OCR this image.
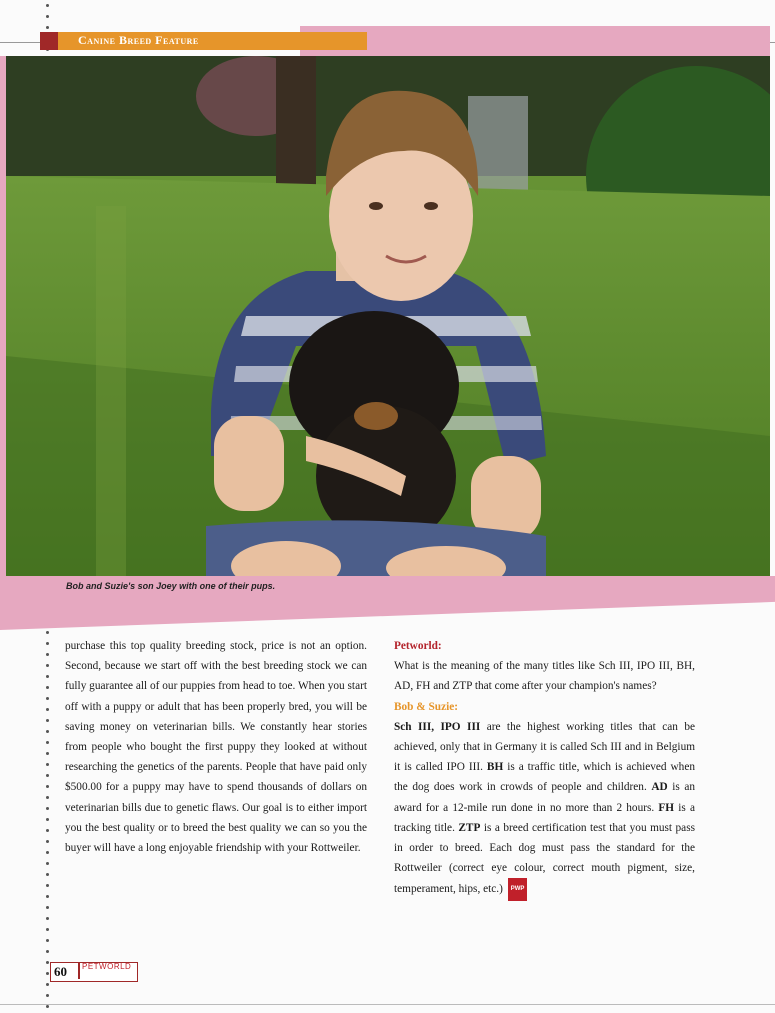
Canine Breed Feature
Bob and Suzie's son Joey with one of their pups.

purchase this top quality breeding stock, price is not an option. Second, because we start off with the best breeding stock we can fully guarantee all of our puppies from head to toe. When you start off with a puppy or adult that has been properly bred, you will be saving money on veterinarian bills. We constantly hear stories from people who bought the first puppy they looked at without researching the genetics of the parents. People that have paid only $500.00 for a puppy may have to spend thousands of dollars on veterinarian bills due to genetic flaws. Our goal is to either import you the best quality or to breed the best quality we can so you the buyer will have a long enjoyable friendship with your Rottweiler.

Petworld:

What is the meaning of the many titles like Sch III, IPO III, BH, AD, FH and ZTP that come after your champion's names?

Bob & Suzie:

Sch III, IPO III are the highest working titles that can be achieved, only that in Germany it is called Sch III and in Belgium it is called IPO III. BH is a traffic title, which is achieved when the dog does work in crowds of people and children. AD is an award for a 12-mile run done in no more than 2 hours. FH is a tracking title. ZTP is a breed certification test that you must pass in order to breed. Each dog must pass the standard for the Rottweiler (correct eye colour, correct mouth pigment, size, temperament, hips, etc.) PWP

60 PETWORLD
